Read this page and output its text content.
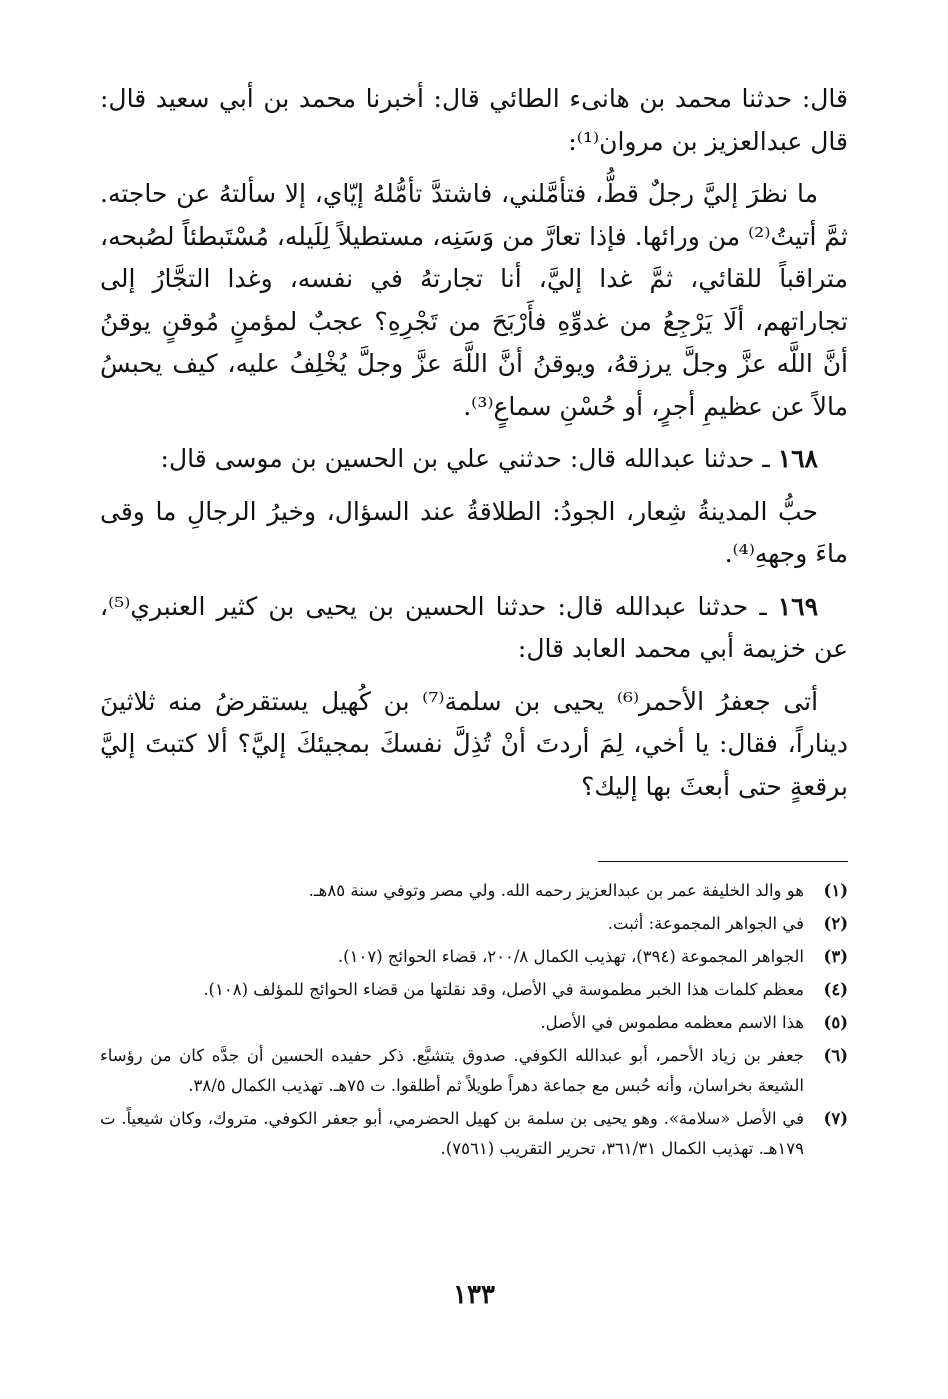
قال: حدثنا محمد بن هانىء الطائي قال: أخبرنا محمد بن أبي سعيد قال: قال عبدالعزيز بن مروان⁽¹⁾:

ما نظرَ إليَّ رجلٌ قطُّ، فتأمَّلني، فاشتدَّ تأمُّلهُ إيّاي، إلا سألتهُ عن حاجته. ثمَّ أتيتُ⁽²⁾ من ورائها. فإذا تعارَّ من وَسَنِه، مستطيلاً لِلَيله، مُسْتَبطئاً لصُبحه، متراقباً للقائي، ثمَّ غدا إليَّ، أنا تجارتهُ في نفسه، وغدا التجَّارُ إلى تجاراتهم، ألَا يَرْجِعُ من غدوِّهِ فأَرْبَحَ من تَجْرِهِ؟ عجبٌ لمؤمنٍ مُوقنٍ يوقنُ أنَّ اللَّه عزَّ وجلَّ يرزقهُ، ويوقنُ أنَّ اللَّهَ عزَّ وجلَّ يُخْلِفُ عليه، كيف يحبسُ مالاً عن عظيمِ أجرٍ، أو حُسْنِ سماعٍ⁽³⁾.

١٦٨ ـ حدثنا عبدالله قال: حدثني علي بن الحسين بن موسى قال:

حبُّ المدينةُ شِعار، الجودُ: الطلاقةُ عند السؤال، وخيرُ الرجالِ ما وقى ماءَ وجههِ⁽⁴⁾.

١٦٩ ـ حدثنا عبدالله قال: حدثنا الحسين بن يحيى بن كثير العنبري⁽⁵⁾، عن خزيمة أبي محمد العابد قال:

أتى جعفرُ الأحمر⁽⁶⁾ يحيى بن سلمة⁽⁷⁾ بن كُهيل يستقرضُ منه ثلاثينَ ديناراً، فقال: يا أخي، لِمَ أردتَ أنْ تُذِلَّ نفسكَ بمجيئكَ إليَّ؟ ألا كتبتَ إليَّ برقعةٍ حتى أبعثَ بها إليك؟

(١)
هو والد الخليفة عمر بن عبدالعزيز رحمه الله. ولي مصر وتوفي سنة ٨٥هـ.
(٢)
في الجواهر المجموعة: أثبت.
(٣)
الجواهر المجموعة (٣٩٤)، تهذيب الكمال ٢٠٠/٨، قضاء الحوائج (١٠٧).
(٤)
معظم كلمات هذا الخبر مطموسة في الأصل، وقد نقلتها من قضاء الحوائج للمؤلف (١٠٨).
(٥)
هذا الاسم معظمه مطموس في الأصل.
(٦)
جعفر بن زياد الأحمر، أبو عبدالله الكوفي. صدوق يتشيَّع. ذكر حفيده الحسين أن جدَّه كان من رؤساء الشيعة بخراسان، وأنه حُبس مع جماعة دهراً طويلاً ثم أطلقوا. ت ٧٥هـ. تهذيب الكمال ٣٨/٥.
(٧)
في الأصل «سلامة». وهو يحيى بن سلمة بن كهيل الحضرمي، أبو جعفر الكوفي. متروك، وكان شيعياً. ت ١٧٩هـ. تهذيب الكمال ٣٦١/٣١، تحرير التقريب (٧٥٦١).
١٣٣
